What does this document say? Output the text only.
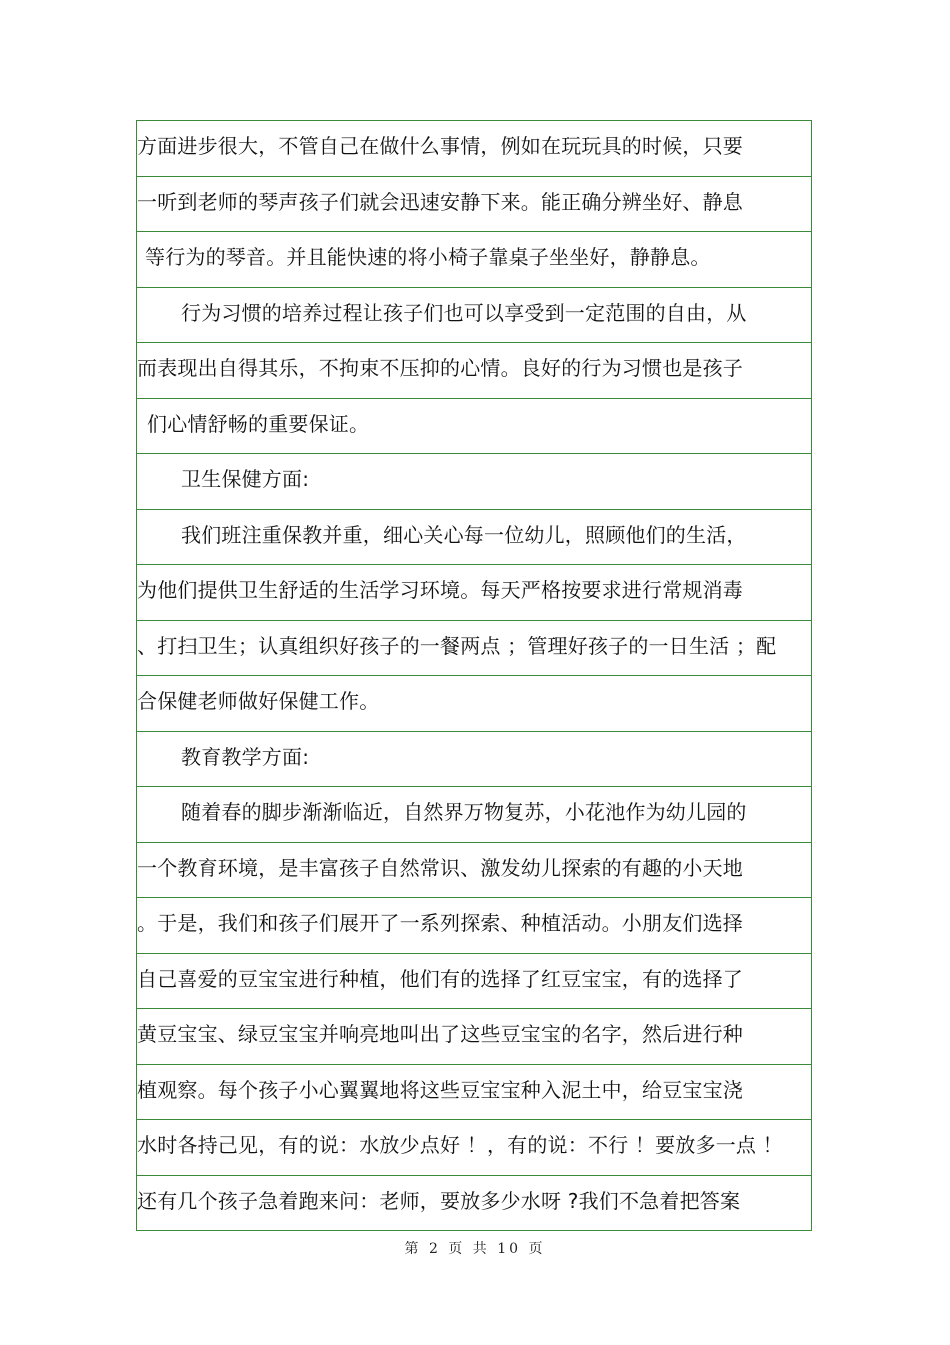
方面进步很大，不管自己在做什么事情，例如在玩玩具的时候，只要
一听到老师的琴声孩子们就会迅速安静下来。能正确分辨坐好、静息
等行为的琴音。并且能快速的将小椅子靠桌子坐坐好，静静息。
行为习惯的培养过程让孩子们也可以享受到一定范围的自由，从
而表现出自得其乐，不拘束不压抑的心情。良好的行为习惯也是孩子
们心情舒畅的重要保证。
卫生保健方面:
我们班注重保教并重，细心关心每一位幼儿，照顾他们的生活，
为他们提供卫生舒适的生活学习环境。每天严格按要求进行常规消毒
、打扫卫生；认真组织好孩子的一餐两点 ；管理好孩子的一日生活 ；配
合保健老师做好保健工作。
教育教学方面:
随着春的脚步渐渐临近，自然界万物复苏，小花池作为幼儿园的
一个教育环境，是丰富孩子自然常识、激发幼儿探索的有趣的小天地
。于是，我们和孩子们展开了一系列探索、种植活动。小朋友们选择
自己喜爱的豆宝宝进行种植，他们有的选择了红豆宝宝，有的选择了
黄豆宝宝、绿豆宝宝并响亮地叫出了这些豆宝宝的名字，然后进行种
植观察。每个孩子小心翼翼地将这些豆宝宝种入泥土中，给豆宝宝浇
水时各持己见，有的说：水放少点好 ！，有的说：不行 ！要放多一点 ！
还有几个孩子急着跑来问：老师，要放多少水呀 ?我们不急着把答案
第 2 页 共 10 页
